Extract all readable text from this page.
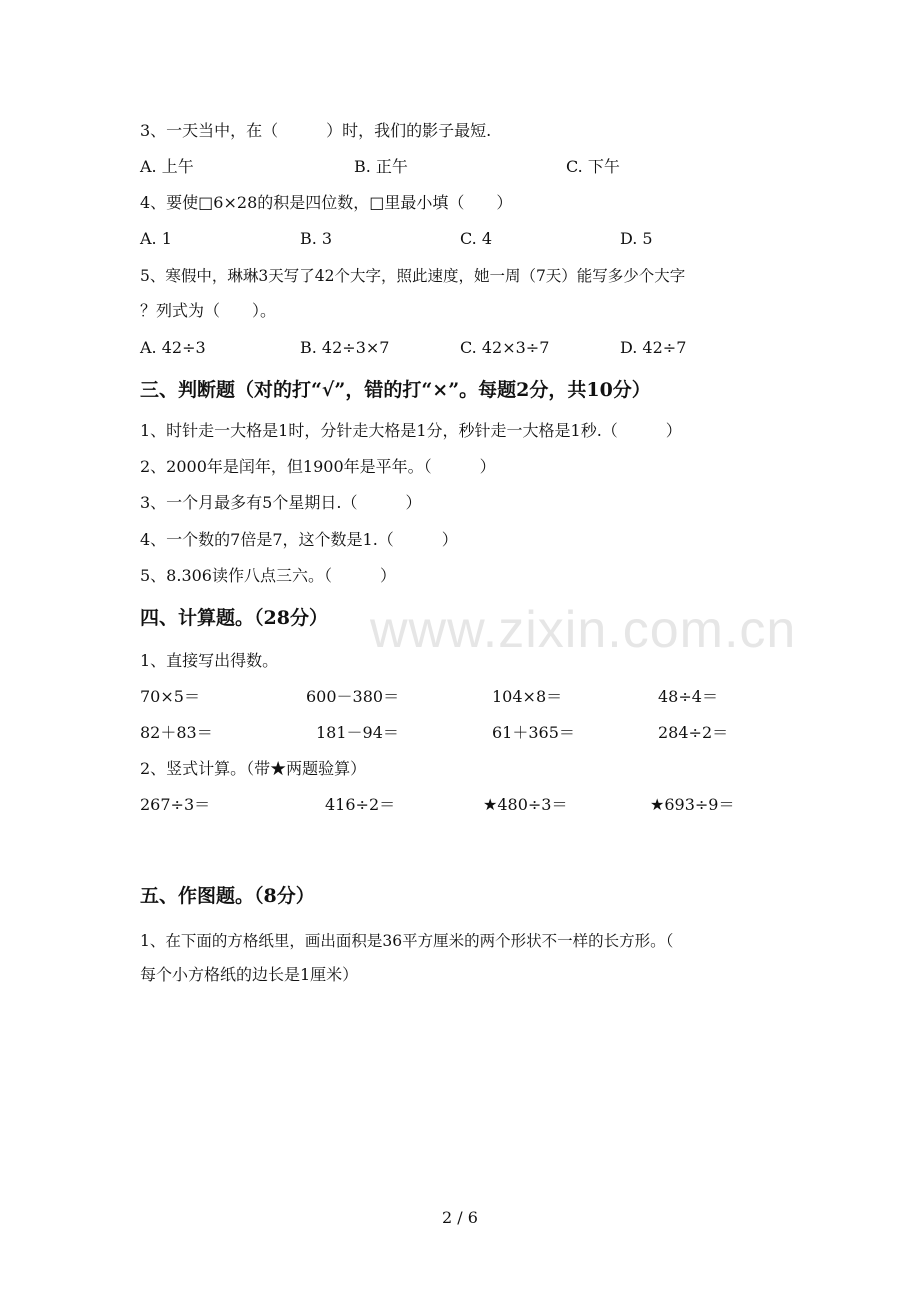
www.zixin.com.cn
3、一天当中，在（　　　）时，我们的影子最短.
A. 上午	B. 正午	C. 下午
4、要使□6×28的积是四位数，□里最小填（　　）
A. 1	B. 3	C. 4	D. 5
5、寒假中，琳琳3天写了42个大字，照此速度，她一周（7天）能写多少个大字
？列式为（　　）。
A. 42÷3	B. 42÷3×7	C. 42×3÷7	D. 42÷7
三、判断题（对的打“√”，错的打“×”。每题2分，共10分）
1、时针走一大格是1时，分针走大格是1分，秒针走一大格是1秒.（　　　）
2、2000年是闰年，但1900年是平年。（　　　）
3、一个月最多有5个星期日.（　　　）
4、一个数的7倍是7，这个数是1.（　　　）
5、8.306读作八点三六。（　　　）
四、计算题。（28分）
1、直接写出得数。
70×5＝	600－380＝	104×8＝	48÷4＝
82＋83＝	181－94＝	61＋365＝	284÷2＝
2、竖式计算。（带★两题验算）
267÷3＝	416÷2＝	★480÷3＝	★693÷9＝
五、作图题。（8分）
1、在下面的方格纸里，画出面积是36平方厘米的两个形状不一样的长方形。（
每个小方格纸的边长是1厘米）
2 / 6
